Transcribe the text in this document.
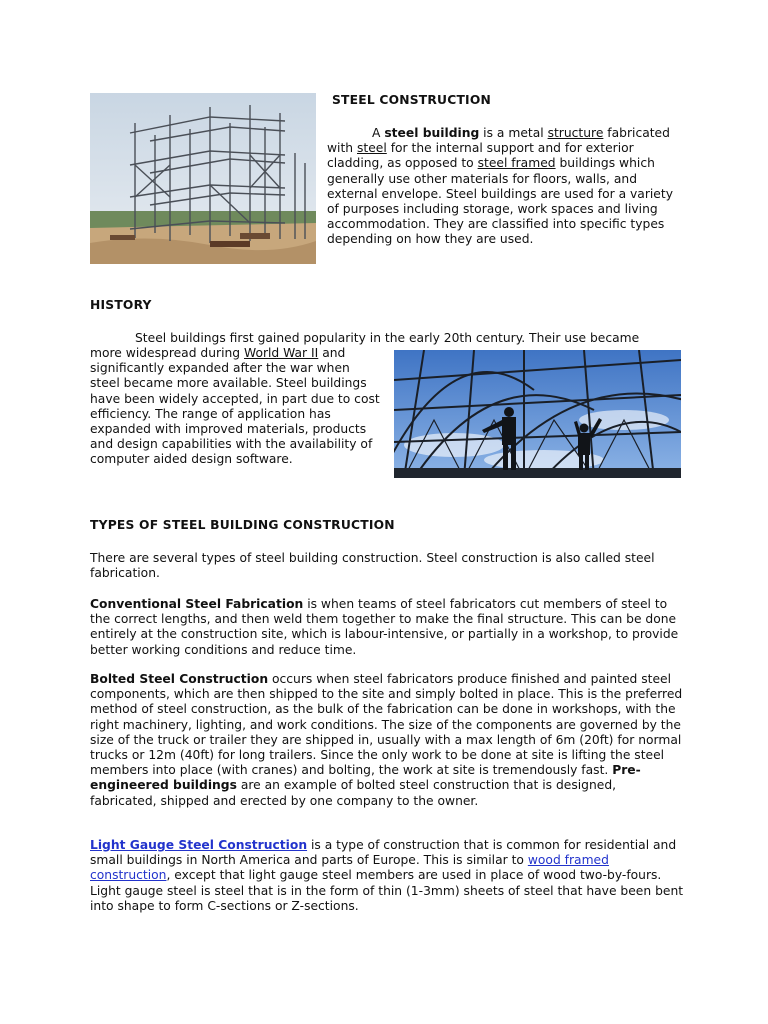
STEEL CONSTRUCTION

A steel building is a metal structure fabricated with steel for the internal support and for exterior cladding, as opposed to steel framed buildings which generally use other materials for floors, walls, and external envelope. Steel buildings are used for a variety of purposes including storage, work spaces and living accommodation. They are classified into specific types depending on how they are used.

HISTORY

Steel buildings first gained popularity in the early 20th century. Their use became

more widespread during World War II and significantly expanded after the war when steel became more available. Steel buildings have been widely accepted, in part due to cost efficiency. The range of application has expanded with improved materials, products and design capabilities with the availability of computer aided design software.

TYPES OF STEEL BUILDING CONSTRUCTION

There are several types of steel building construction. Steel construction is also called steel fabrication.

Conventional Steel Fabrication is when teams of steel fabricators cut members of steel to the correct lengths, and then weld them together to make the final structure. This can be done entirely at the construction site, which is labour-intensive, or partially in a workshop, to provide better working conditions and reduce time.

Bolted Steel Construction occurs when steel fabricators produce finished and painted steel components, which are then shipped to the site and simply bolted in place. This is the preferred method of steel construction, as the bulk of the fabrication can be done in workshops, with the right machinery, lighting, and work conditions. The size of the components are governed by the size of the truck or trailer they are shipped in, usually with a max length of 6m (20ft) for normal trucks or 12m (40ft) for long trailers. Since the only work to be done at site is lifting the steel members into place (with cranes) and bolting, the work at site is tremendously fast. Pre-engineered buildings are an example of bolted steel construction that is designed, fabricated, shipped and erected by one company to the owner.

Light Gauge Steel Construction is a type of construction that is common for residential and small buildings in North America and parts of Europe. This is similar to wood framed construction, except that light gauge steel members are used in place of wood two-by-fours. Light gauge steel is steel that is in the form of thin (1-3mm) sheets of steel that have been bent into shape to form C-sections or Z-sections.
